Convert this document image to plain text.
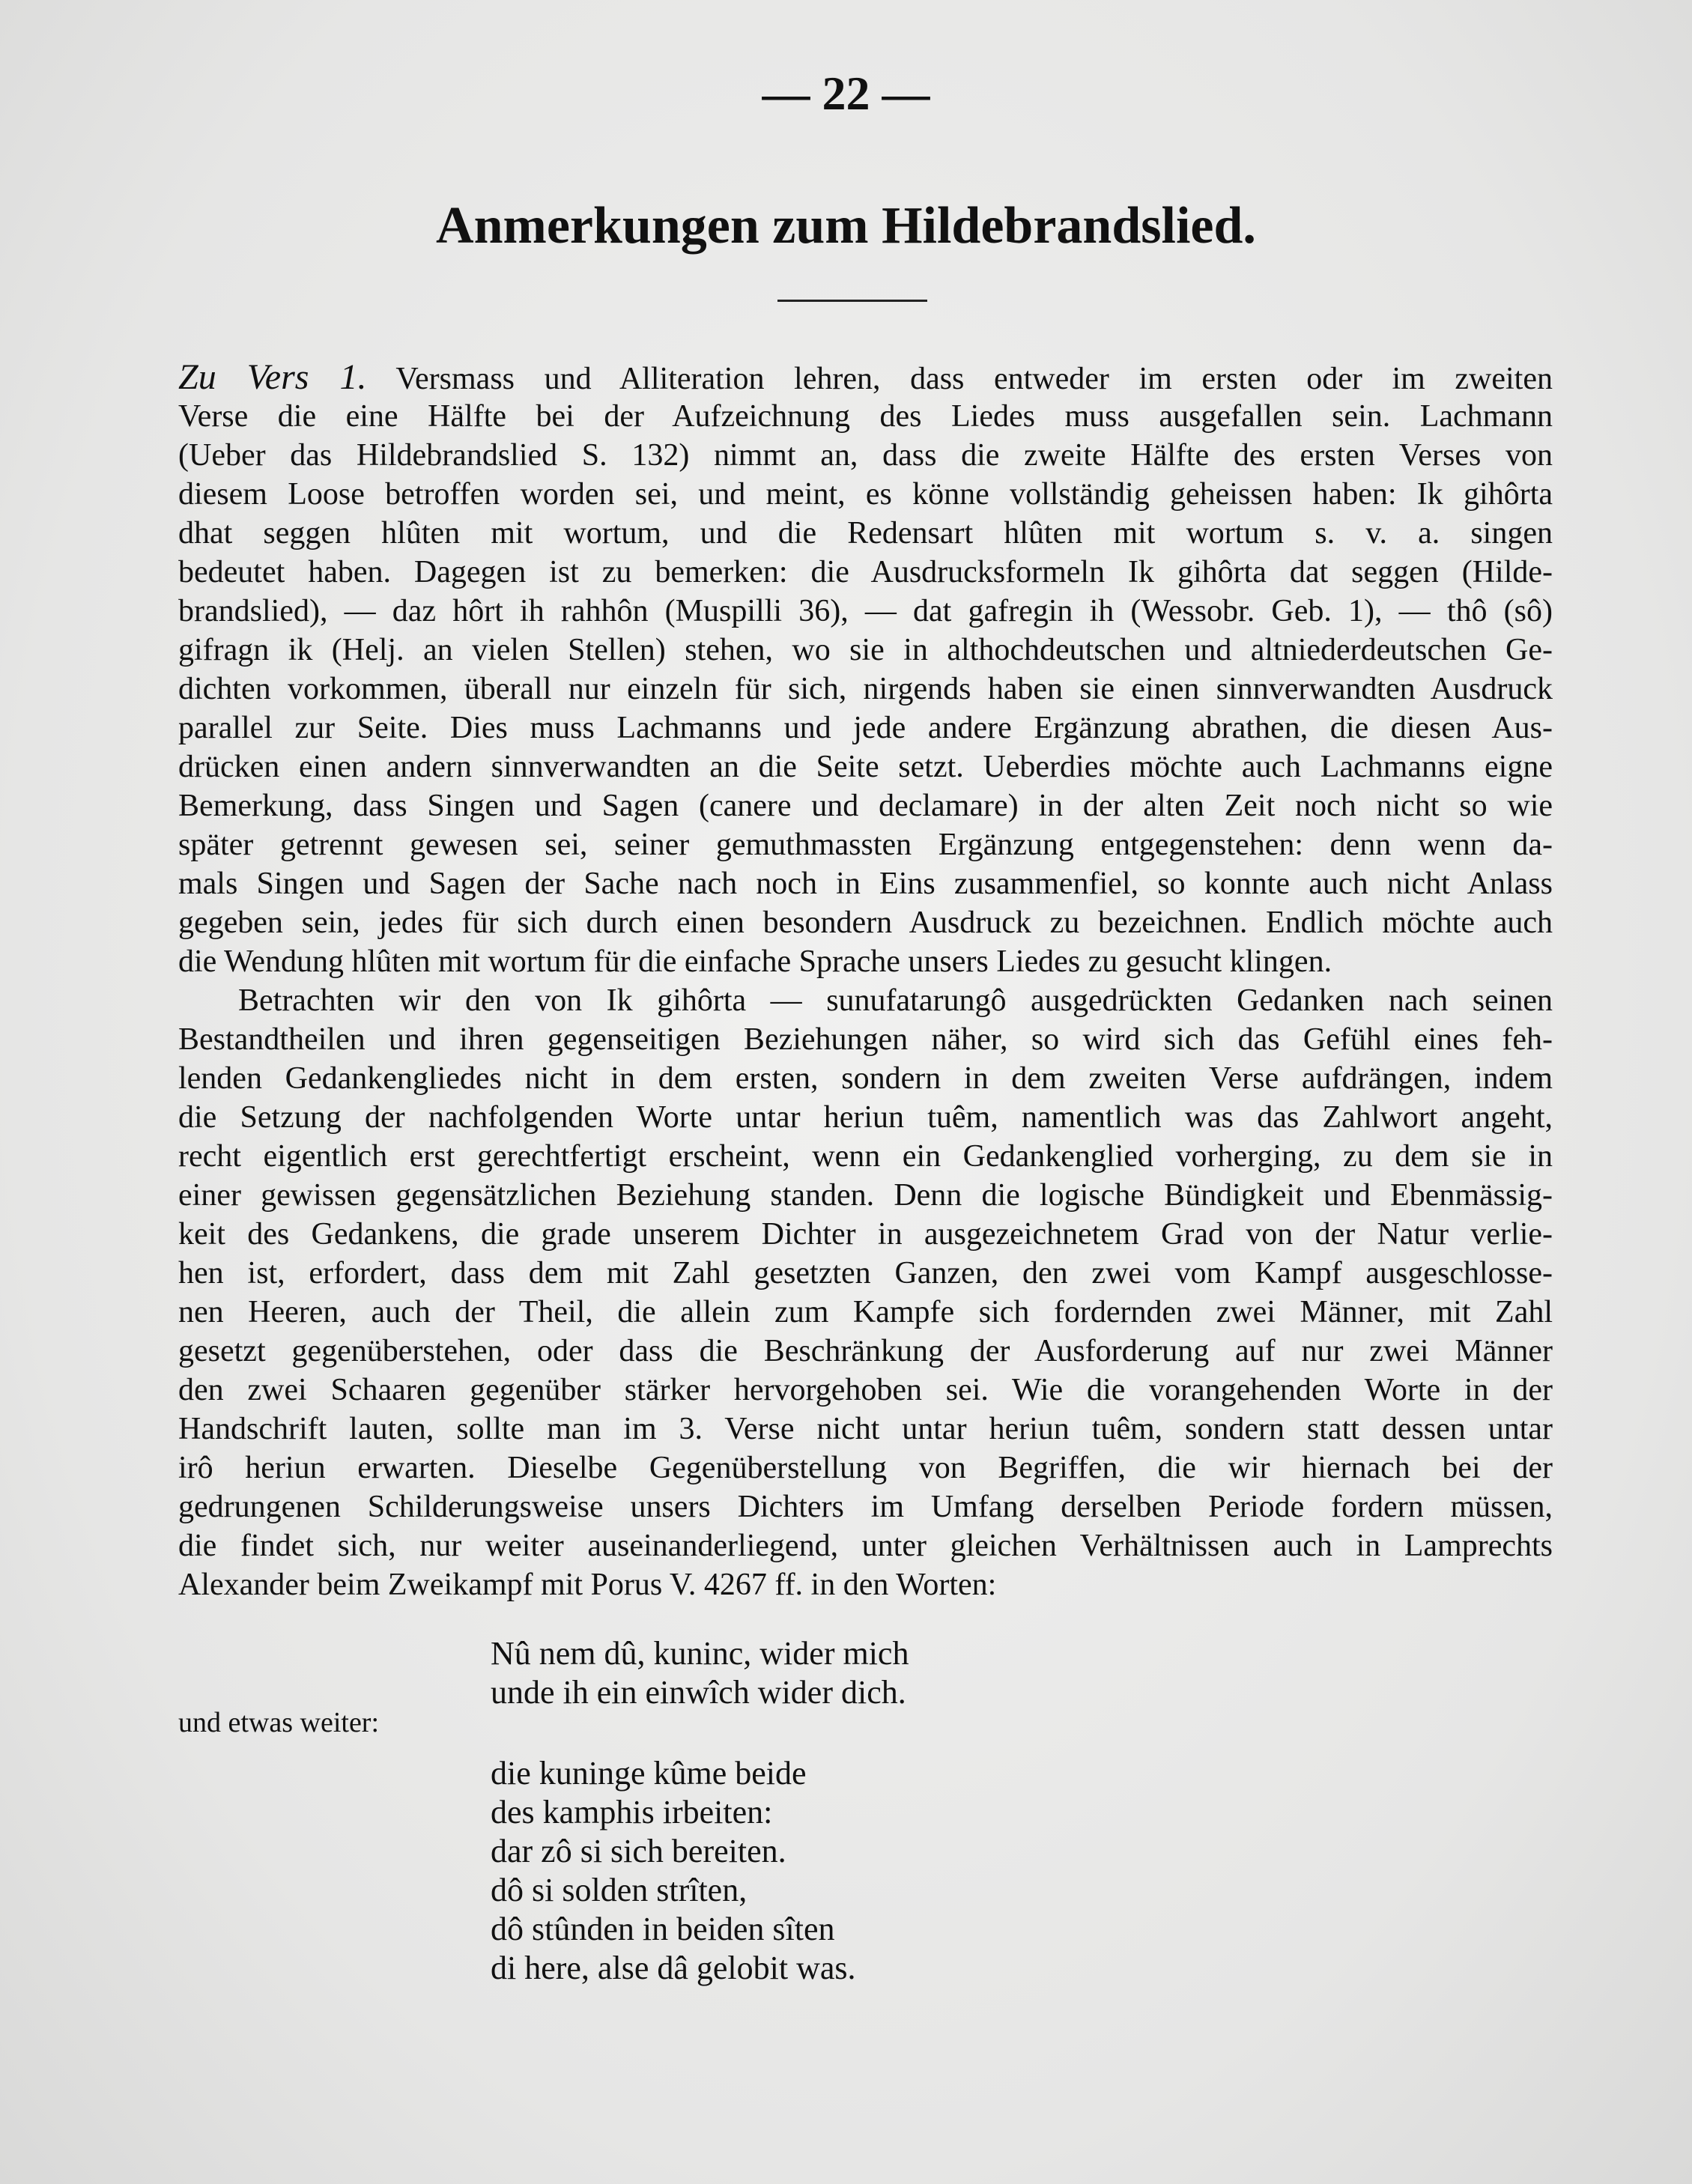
— 22 —
Anmerkungen zum Hildebrandslied.
Zu Vers 1. Versmass und Alliteration lehren, dass entweder im ersten oder im zweiten
Verse die eine Hälfte bei der Aufzeichnung des Liedes muss ausgefallen sein. Lachmann
(Ueber das Hildebrandslied S. 132) nimmt an, dass die zweite Hälfte des ersten Verses von
diesem Loose betroffen worden sei, und meint, es könne vollständig geheissen haben: Ik gihôrta
dhat seggen hlûten mit wortum, und die Redensart hlûten mit wortum s. v. a. singen
bedeutet haben. Dagegen ist zu bemerken: die Ausdrucksformeln Ik gihôrta dat seggen (Hilde-
brandslied), — daz hôrt ih rahhôn (Muspilli 36), — dat gafregin ih (Wessobr. Geb. 1), — thô (sô)
gifragn ik (Helj. an vielen Stellen) stehen, wo sie in althochdeutschen und altniederdeutschen Ge-
dichten vorkommen, überall nur einzeln für sich, nirgends haben sie einen sinnverwandten Ausdruck
parallel zur Seite. Dies muss Lachmanns und jede andere Ergänzung abrathen, die diesen Aus-
drücken einen andern sinnverwandten an die Seite setzt. Ueberdies möchte auch Lachmanns eigne
Bemerkung, dass Singen und Sagen (canere und declamare) in der alten Zeit noch nicht so wie
später getrennt gewesen sei, seiner gemuthmassten Ergänzung entgegenstehen: denn wenn da-
mals Singen und Sagen der Sache nach noch in Eins zusammenfiel, so konnte auch nicht Anlass
gegeben sein, jedes für sich durch einen besondern Ausdruck zu bezeichnen. Endlich möchte auch
die Wendung hlûten mit wortum für die einfache Sprache unsers Liedes zu gesucht klingen.
Betrachten wir den von Ik gihôrta — sunufatarungô ausgedrückten Gedanken nach seinen
Bestandtheilen und ihren gegenseitigen Beziehungen näher, so wird sich das Gefühl eines feh-
lenden Gedankengliedes nicht in dem ersten, sondern in dem zweiten Verse aufdrängen, indem
die Setzung der nachfolgenden Worte untar heriun tuêm, namentlich was das Zahlwort angeht,
recht eigentlich erst gerechtfertigt erscheint, wenn ein Gedankenglied vorherging, zu dem sie in
einer gewissen gegensätzlichen Beziehung standen. Denn die logische Bündigkeit und Ebenmässig-
keit des Gedankens, die grade unserem Dichter in ausgezeichnetem Grad von der Natur verlie-
hen ist, erfordert, dass dem mit Zahl gesetzten Ganzen, den zwei vom Kampf ausgeschlosse-
nen Heeren, auch der Theil, die allein zum Kampfe sich fordernden zwei Männer, mit Zahl
gesetzt gegenüberstehen, oder dass die Beschränkung der Ausforderung auf nur zwei Männer
den zwei Schaaren gegenüber stärker hervorgehoben sei. Wie die vorangehenden Worte in der
Handschrift lauten, sollte man im 3. Verse nicht untar heriun tuêm, sondern statt dessen untar
irô heriun erwarten. Dieselbe Gegenüberstellung von Begriffen, die wir hiernach bei der
gedrungenen Schilderungsweise unsers Dichters im Umfang derselben Periode fordern müssen,
die findet sich, nur weiter auseinanderliegend, unter gleichen Verhältnissen auch in Lamprechts
Alexander beim Zweikampf mit Porus V. 4267 ff. in den Worten:
Nû nem dû, kuninc, wider mich
unde ih ein einwîch wider dich.
und etwas weiter:
die kuninge kûme beide
des kamphis irbeiten:
dar zô si sich bereiten.
dô si solden strîten,
dô stûnden in beiden sîten
di here, alse dâ gelobit was.
